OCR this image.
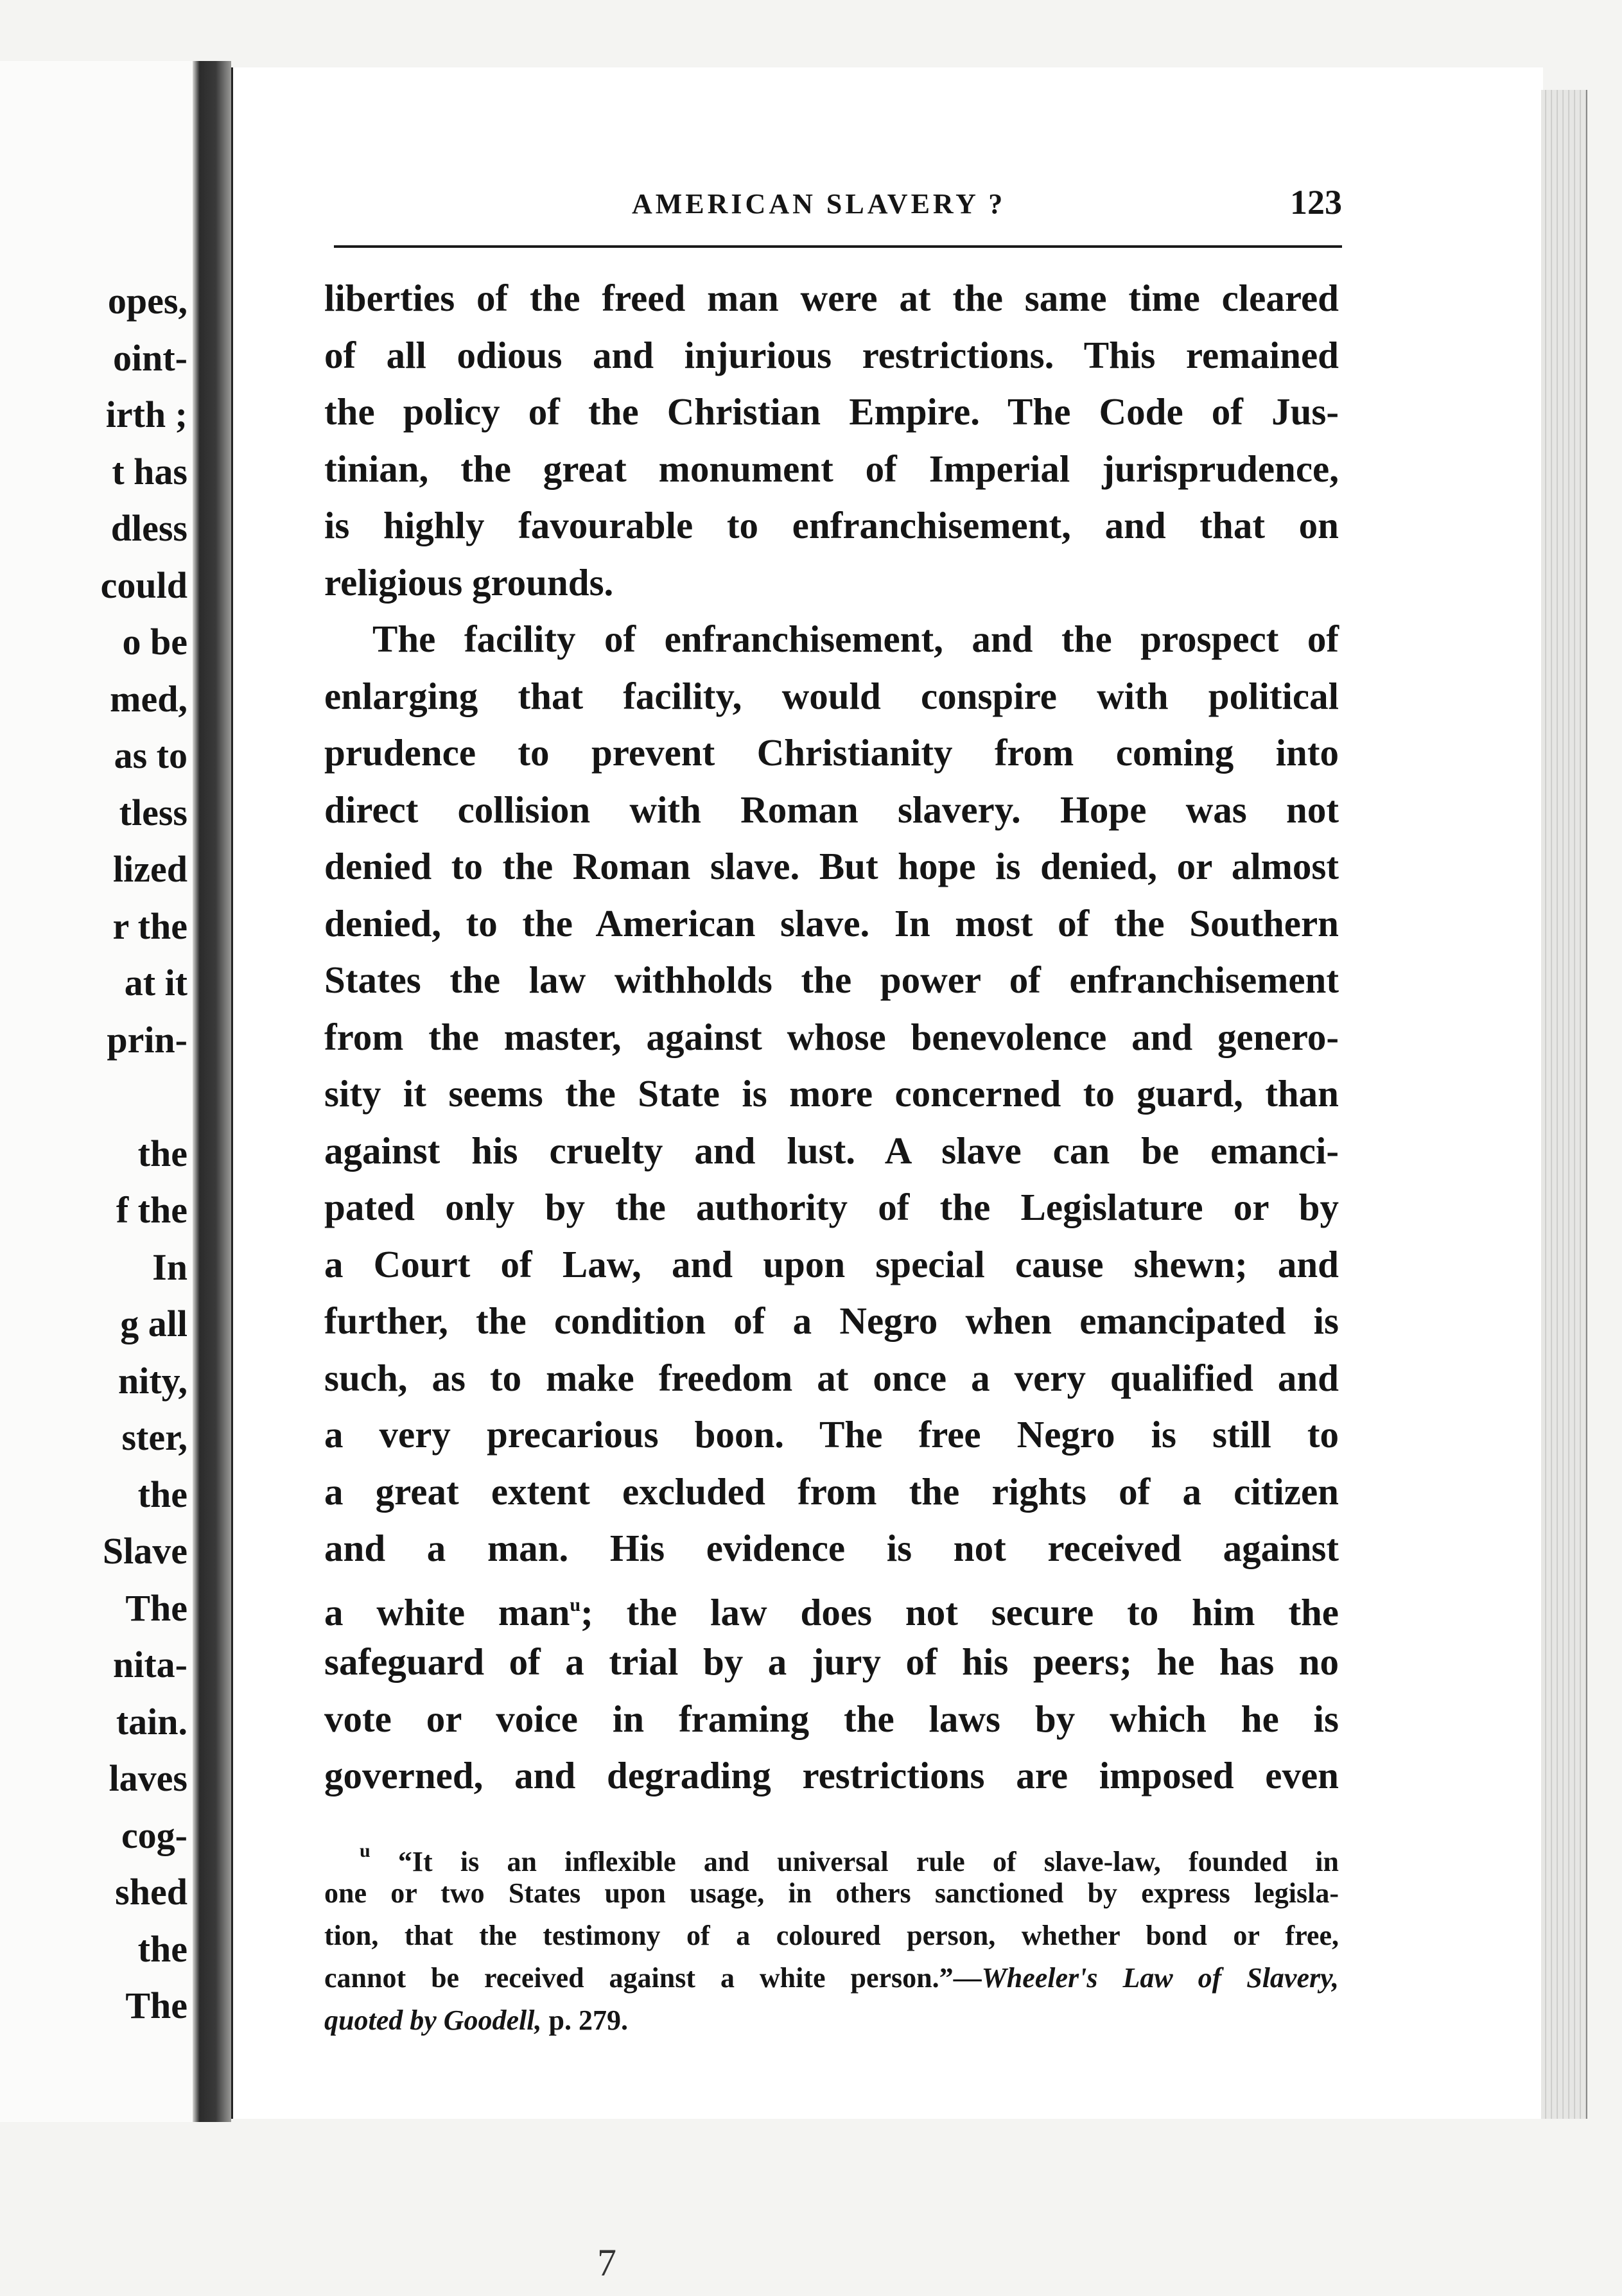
opes,
oint-
irth ;
t has
dless
could
o be
med,
as to
tless
lized
r the
at it
prin-
the
f the
In
g all
nity,
ster,
the
Slave
The
nita-
tain.
laves
cog-
shed
the
The
AMERICAN SLAVERY ?	123
liberties of the freed man were at the same time cleared
of all odious and injurious restrictions. This remained
the policy of the Christian Empire. The Code of Jus-
tinian, the great monument of Imperial jurisprudence,
is highly favourable to enfranchisement, and that on
religious grounds.
The facility of enfranchisement, and the prospect of
enlarging that facility, would conspire with political
prudence to prevent Christianity from coming into
direct collision with Roman slavery. Hope was not
denied to the Roman slave. But hope is denied, or almost
denied, to the American slave. In most of the Southern
States the law withholds the power of enfranchisement
from the master, against whose benevolence and genero-
sity it seems the State is more concerned to guard, than
against his cruelty and lust. A slave can be emanci-
pated only by the authority of the Legislature or by
a Court of Law, and upon special cause shewn; and
further, the condition of a Negro when emancipated is
such, as to make freedom at once a very qualified and
a very precarious boon. The free Negro is still to
a great extent excluded from the rights of a citizen
and a man. His evidence is not received against
a white man$^u$; the law does not secure to him the
safeguard of a trial by a jury of his peers; he has no
vote or voice in framing the laws by which he is
governed, and degrading restrictions are imposed even
$^u$ “It is an inflexible and universal rule of slave-law, founded in
one or two States upon usage, in others sanctioned by express legisla-
tion, that the testimony of a coloured person, whether bond or free,
cannot be received against a white person.”—Wheeler's Law of Slavery,
quoted by Goodell, p. 279.
7
